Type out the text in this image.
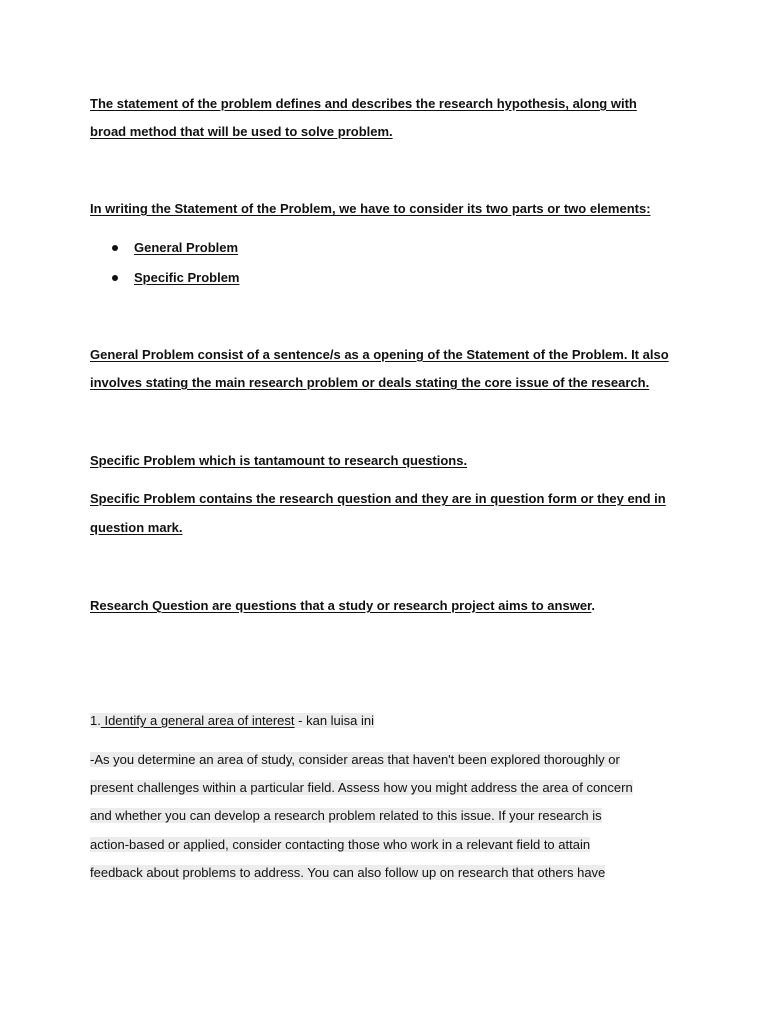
The statement of the problem defines and describes the research hypothesis, along with
broad method that will be used to solve problem.
In writing the Statement of the Problem, we have to consider its two parts or two elements:
General Problem
Specific Problem
General Problem consist of a sentence/s as a opening of the Statement of the Problem. It also
involves stating the main research problem or deals stating the core issue of the research.
Specific Problem which is tantamount to research questions.
Specific Problem contains the research question and they are in question form or they end in
question mark.
Research Question are questions that a study or research project aims to answer.
1. Identify a general area of interest - kan luisa ini
-As you determine an area of study, consider areas that haven't been explored thoroughly or
present challenges within a particular field. Assess how you might address the area of concern
and whether you can develop a research problem related to this issue. If your research is
action-based or applied, consider contacting those who work in a relevant field to attain
feedback about problems to address. You can also follow up on research that others have
